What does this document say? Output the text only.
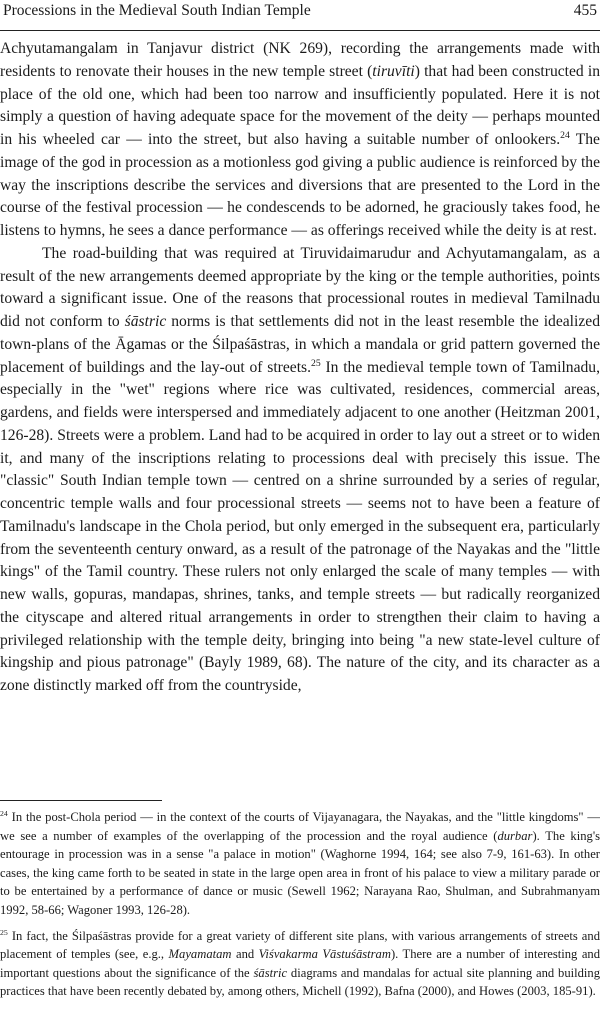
Processions in the Medieval South Indian Temple	455

Achyutamangalam in Tanjavur district (NK 269), recording the arrangements made with residents to renovate their houses in the new temple street (tiruvīti) that had been constructed in place of the old one, which had been too narrow and insufficiently populated. Here it is not simply a question of having adequate space for the movement of the deity — perhaps mounted in his wheeled car — into the street, but also having a suitable number of onlookers.$^{24}$ The image of the god in procession as a motionless god giving a public audience is reinforced by the way the inscriptions describe the services and diversions that are presented to the Lord in the course of the festival procession — he condescends to be adorned, he graciously takes food, he listens to hymns, he sees a dance performance — as offerings received while the deity is at rest.

The road-building that was required at Tiruvidaimarudur and Achyutamangalam, as a result of the new arrangements deemed appropriate by the king or the temple authorities, points toward a significant issue. One of the reasons that processional routes in medieval Tamilnadu did not conform to śāstric norms is that settlements did not in the least resemble the idealized town-plans of the Āgamas or the Śilpaśāstras, in which a mandala or grid pattern governed the placement of buildings and the lay-out of streets.$^{25}$ In the medieval temple town of Tamilnadu, especially in the "wet" regions where rice was cultivated, residences, commercial areas, gardens, and fields were interspersed and immediately adjacent to one another (Heitzman 2001, 126-28). Streets were a problem. Land had to be acquired in order to lay out a street or to widen it, and many of the inscriptions relating to processions deal with precisely this issue. The "classic" South Indian temple town — centred on a shrine surrounded by a series of regular, concentric temple walls and four processional streets — seems not to have been a feature of Tamilnadu's landscape in the Chola period, but only emerged in the subsequent era, particularly from the seventeenth century onward, as a result of the patronage of the Nayakas and the "little kings" of the Tamil country. These rulers not only enlarged the scale of many temples — with new walls, gopuras, mandapas, shrines, tanks, and temple streets — but radically reorganized the cityscape and altered ritual arrangements in order to strengthen their claim to having a privileged relationship with the temple deity, bringing into being "a new state-level culture of kingship and pious patronage" (Bayly 1989, 68). The nature of the city, and its character as a zone distinctly marked off from the countryside,

$^{24}$ In the post-Chola period — in the context of the courts of Vijayanagara, the Nayakas, and the "little kingdoms" — we see a number of examples of the overlapping of the procession and the royal audience (durbar). The king's entourage in procession was in a sense "a palace in motion" (Waghorne 1994, 164; see also 7-9, 161-63). In other cases, the king came forth to be seated in state in the large open area in front of his palace to view a military parade or to be entertained by a performance of dance or music (Sewell 1962; Narayana Rao, Shulman, and Subrahmanyam 1992, 58-66; Wagoner 1993, 126-28).

$^{25}$ In fact, the Śilpaśāstras provide for a great variety of different site plans, with various arrangements of streets and placement of temples (see, e.g., Mayamatam and Viśvakarma Vāstuśāstram). There are a number of interesting and important questions about the significance of the śāstric diagrams and mandalas for actual site planning and building practices that have been recently debated by, among others, Michell (1992), Bafna (2000), and Howes (2003, 185-91).
